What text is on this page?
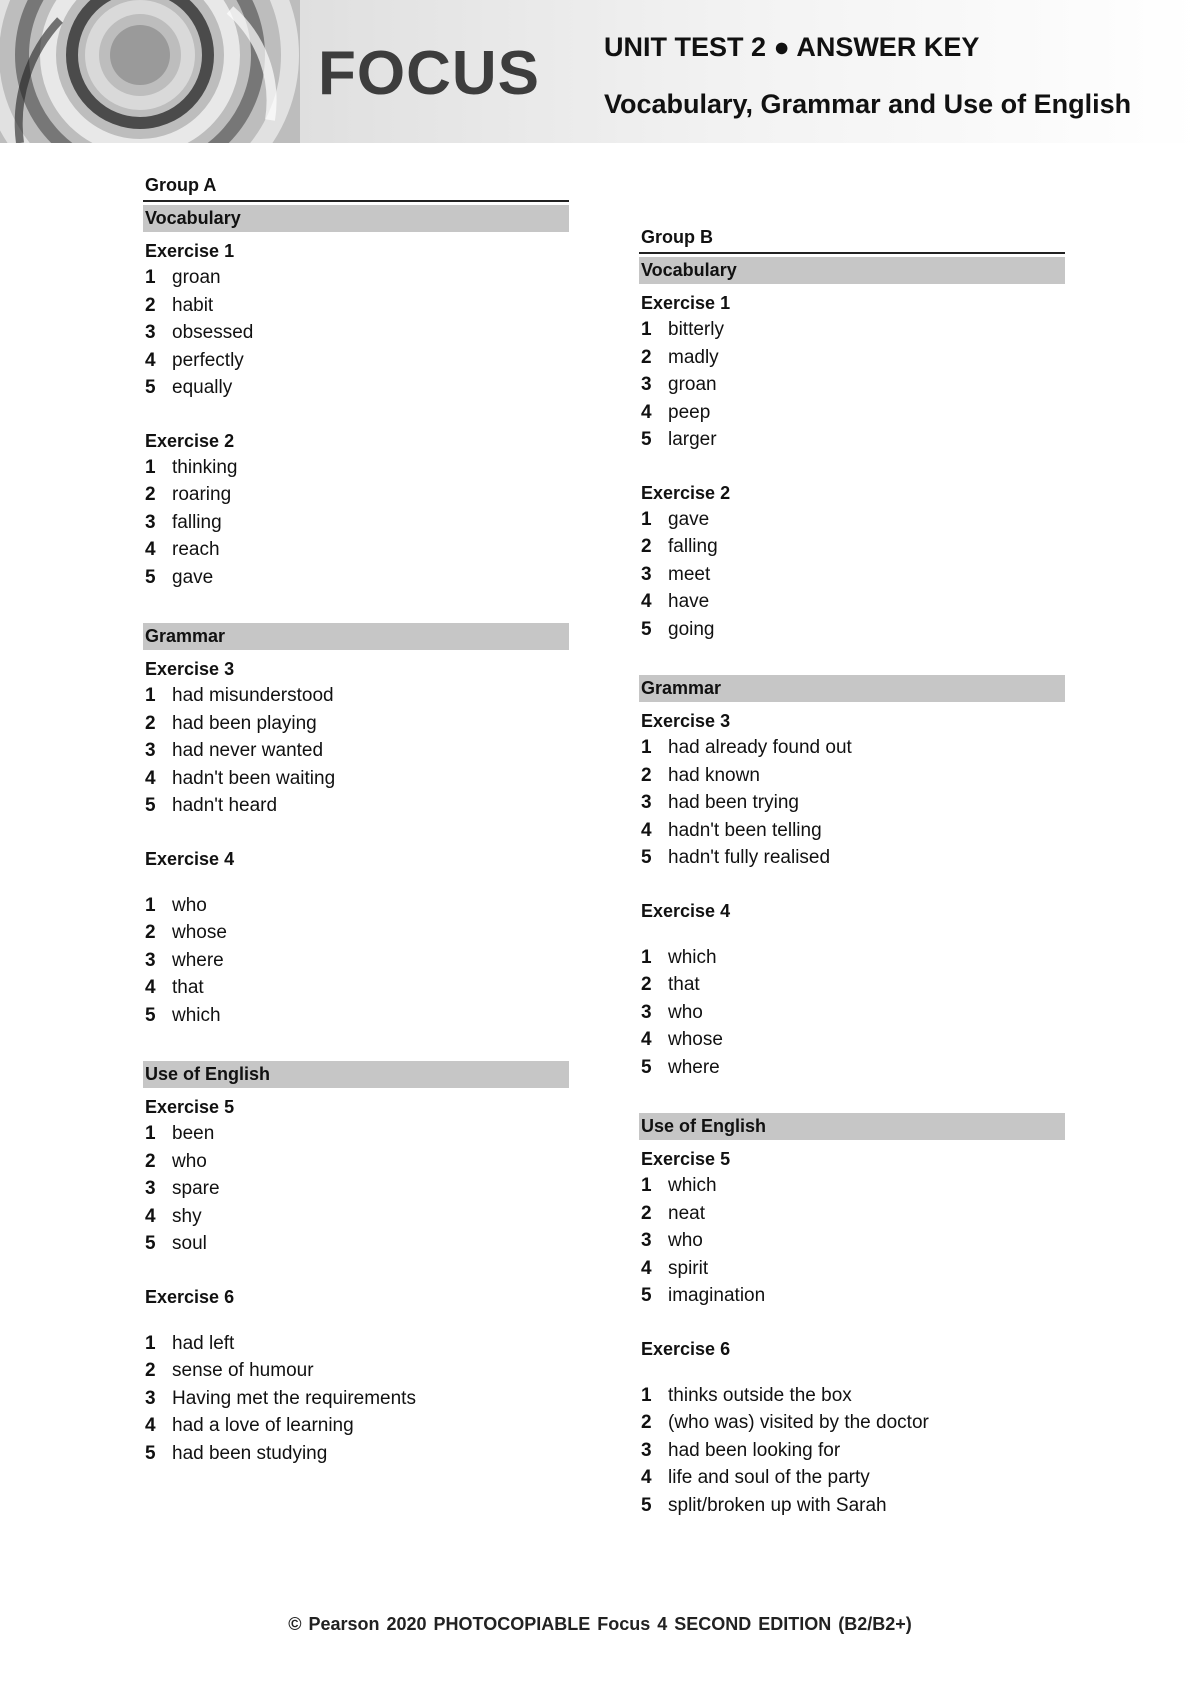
FOCUS UNIT TEST 2 ● ANSWER KEY
Vocabulary, Grammar and Use of English
Group A
Vocabulary
Exercise 1
1 groan
2 habit
3 obsessed
4 perfectly
5 equally
Exercise 2
1 thinking
2 roaring
3 falling
4 reach
5 gave
Grammar
Exercise 3
1 had misunderstood
2 had been playing
3 had never wanted
4 hadn't been waiting
5 hadn't heard
Exercise 4
1 who
2 whose
3 where
4 that
5 which
Use of English
Exercise 5
1 been
2 who
3 spare
4 shy
5 soul
Exercise 6
1 had left
2 sense of humour
3 Having met the requirements
4 had a love of learning
5 had been studying
Group B
Vocabulary
Exercise 1
1 bitterly
2 madly
3 groan
4 peep
5 larger
Exercise 2
1 gave
2 falling
3 meet
4 have
5 going
Grammar
Exercise 3
1 had already found out
2 had known
3 had been trying
4 hadn't been telling
5 hadn't fully realised
Exercise 4
1 which
2 that
3 who
4 whose
5 where
Use of English
Exercise 5
1 which
2 neat
3 who
4 spirit
5 imagination
Exercise 6
1 thinks outside the box
2 (who was) visited by the doctor
3 had been looking for
4 life and soul of the party
5 split/broken up with Sarah
© Pearson 2020 PHOTOCOPIABLE Focus 4 SECOND EDITION (B2/B2+)
